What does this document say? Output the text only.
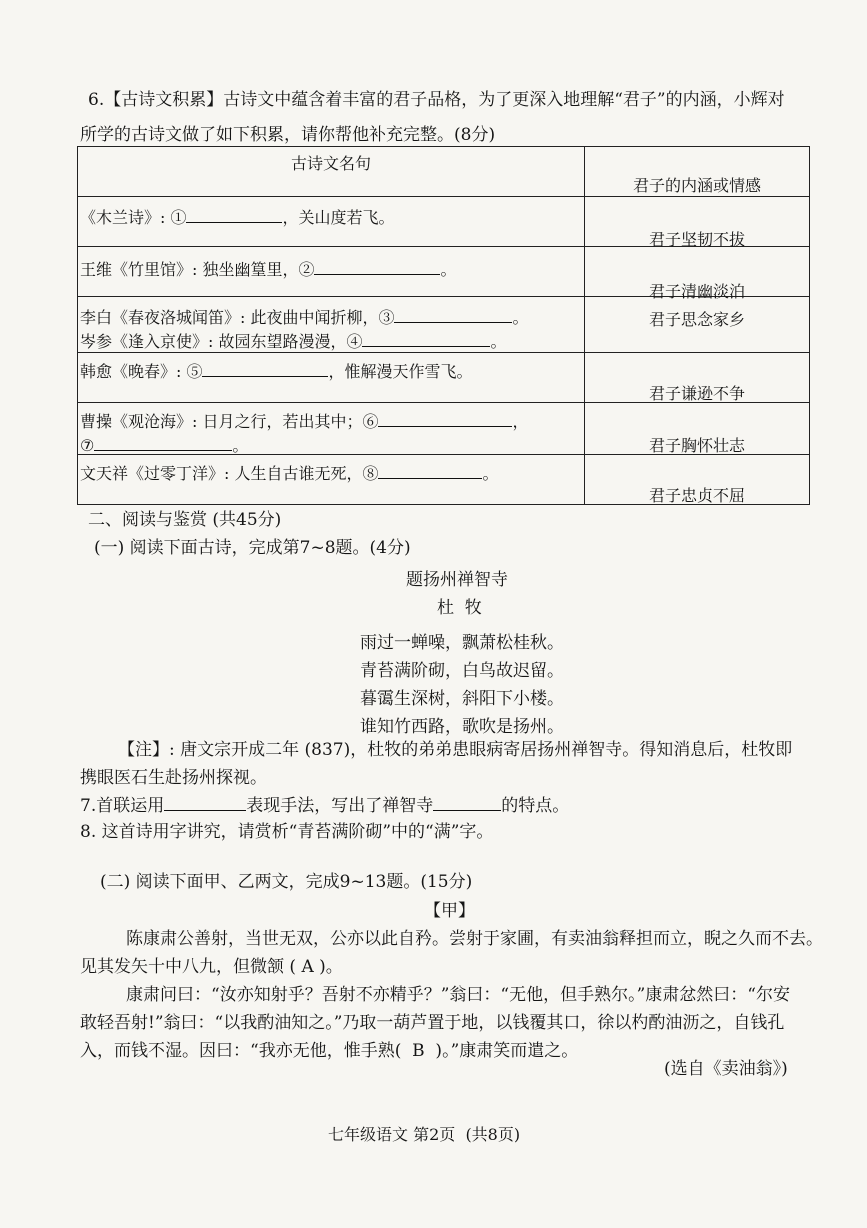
6.【古诗文积累】古诗文中蕴含着丰富的君子品格，为了更深入地理解“君子”的内涵，小辉对
所学的古诗文做了如下积累，请你帮他补充完整。(8分)
古诗文名句	君子的内涵或情感

《木兰诗》: ① ，关山度若飞。	君子坚韧不拔

王维《竹里馆》: 独坐幽篁里，② 。	君子清幽淡泊

李白《春夜洛城闻笛》: 此夜曲中闻折柳，③ 。
岑参《逢入京使》: 故园东望路漫漫，④ 。	君子思念家乡

韩愈《晚春》: ⑤ ，惟解漫天作雪飞。	君子谦逊不争

曹操《观沧海》: 日月之行，若出其中；⑥ ，
⑦ 。	君子胸怀壮志

文天祥《过零丁洋》: 人生自古谁无死，⑧ 。	君子忠贞不屈
二、阅读与鉴赏 (共45分)
(一) 阅读下面古诗，完成第7~8题。(4分)
题扬州禅智寺
杜  牧
雨过一蝉噪，飘萧松桂秋。
青苔满阶砌，白鸟故迟留。
暮霭生深树，斜阳下小楼。
谁知竹西路，歌吹是扬州。
【注】: 唐文宗开成二年 (837)，杜牧的弟弟患眼病寄居扬州禅智寺。得知消息后，杜牧即
携眼医石生赴扬州探视。
7.首联运用	表现手法，写出了禅智寺	的特点。
8. 这首诗用字讲究，请赏析“青苔满阶砌”中的“满”字。
(二) 阅读下面甲、乙两文，完成9~13题。(15分)
【甲】
陈康肃公善射，当世无双，公亦以此自矜。尝射于家圃，有卖油翁释担而立，睨之久而不去。
见其发矢十中八九，但微颔 ( A )。
康肃问曰：“汝亦知射乎？吾射不亦精乎？”翁曰：“无他，但手熟尔。”康肃忿然曰：“尔安
敢轻吾射!”翁曰：“以我酌油知之。”乃取一葫芦置于地，以钱覆其口，徐以杓酌油沥之，自钱孔
入，而钱不湿。因曰：“我亦无他，惟手熟(  B  )。”康肃笑而遣之。
(选自《卖油翁》)
七年级语文 第2页  (共8页)
